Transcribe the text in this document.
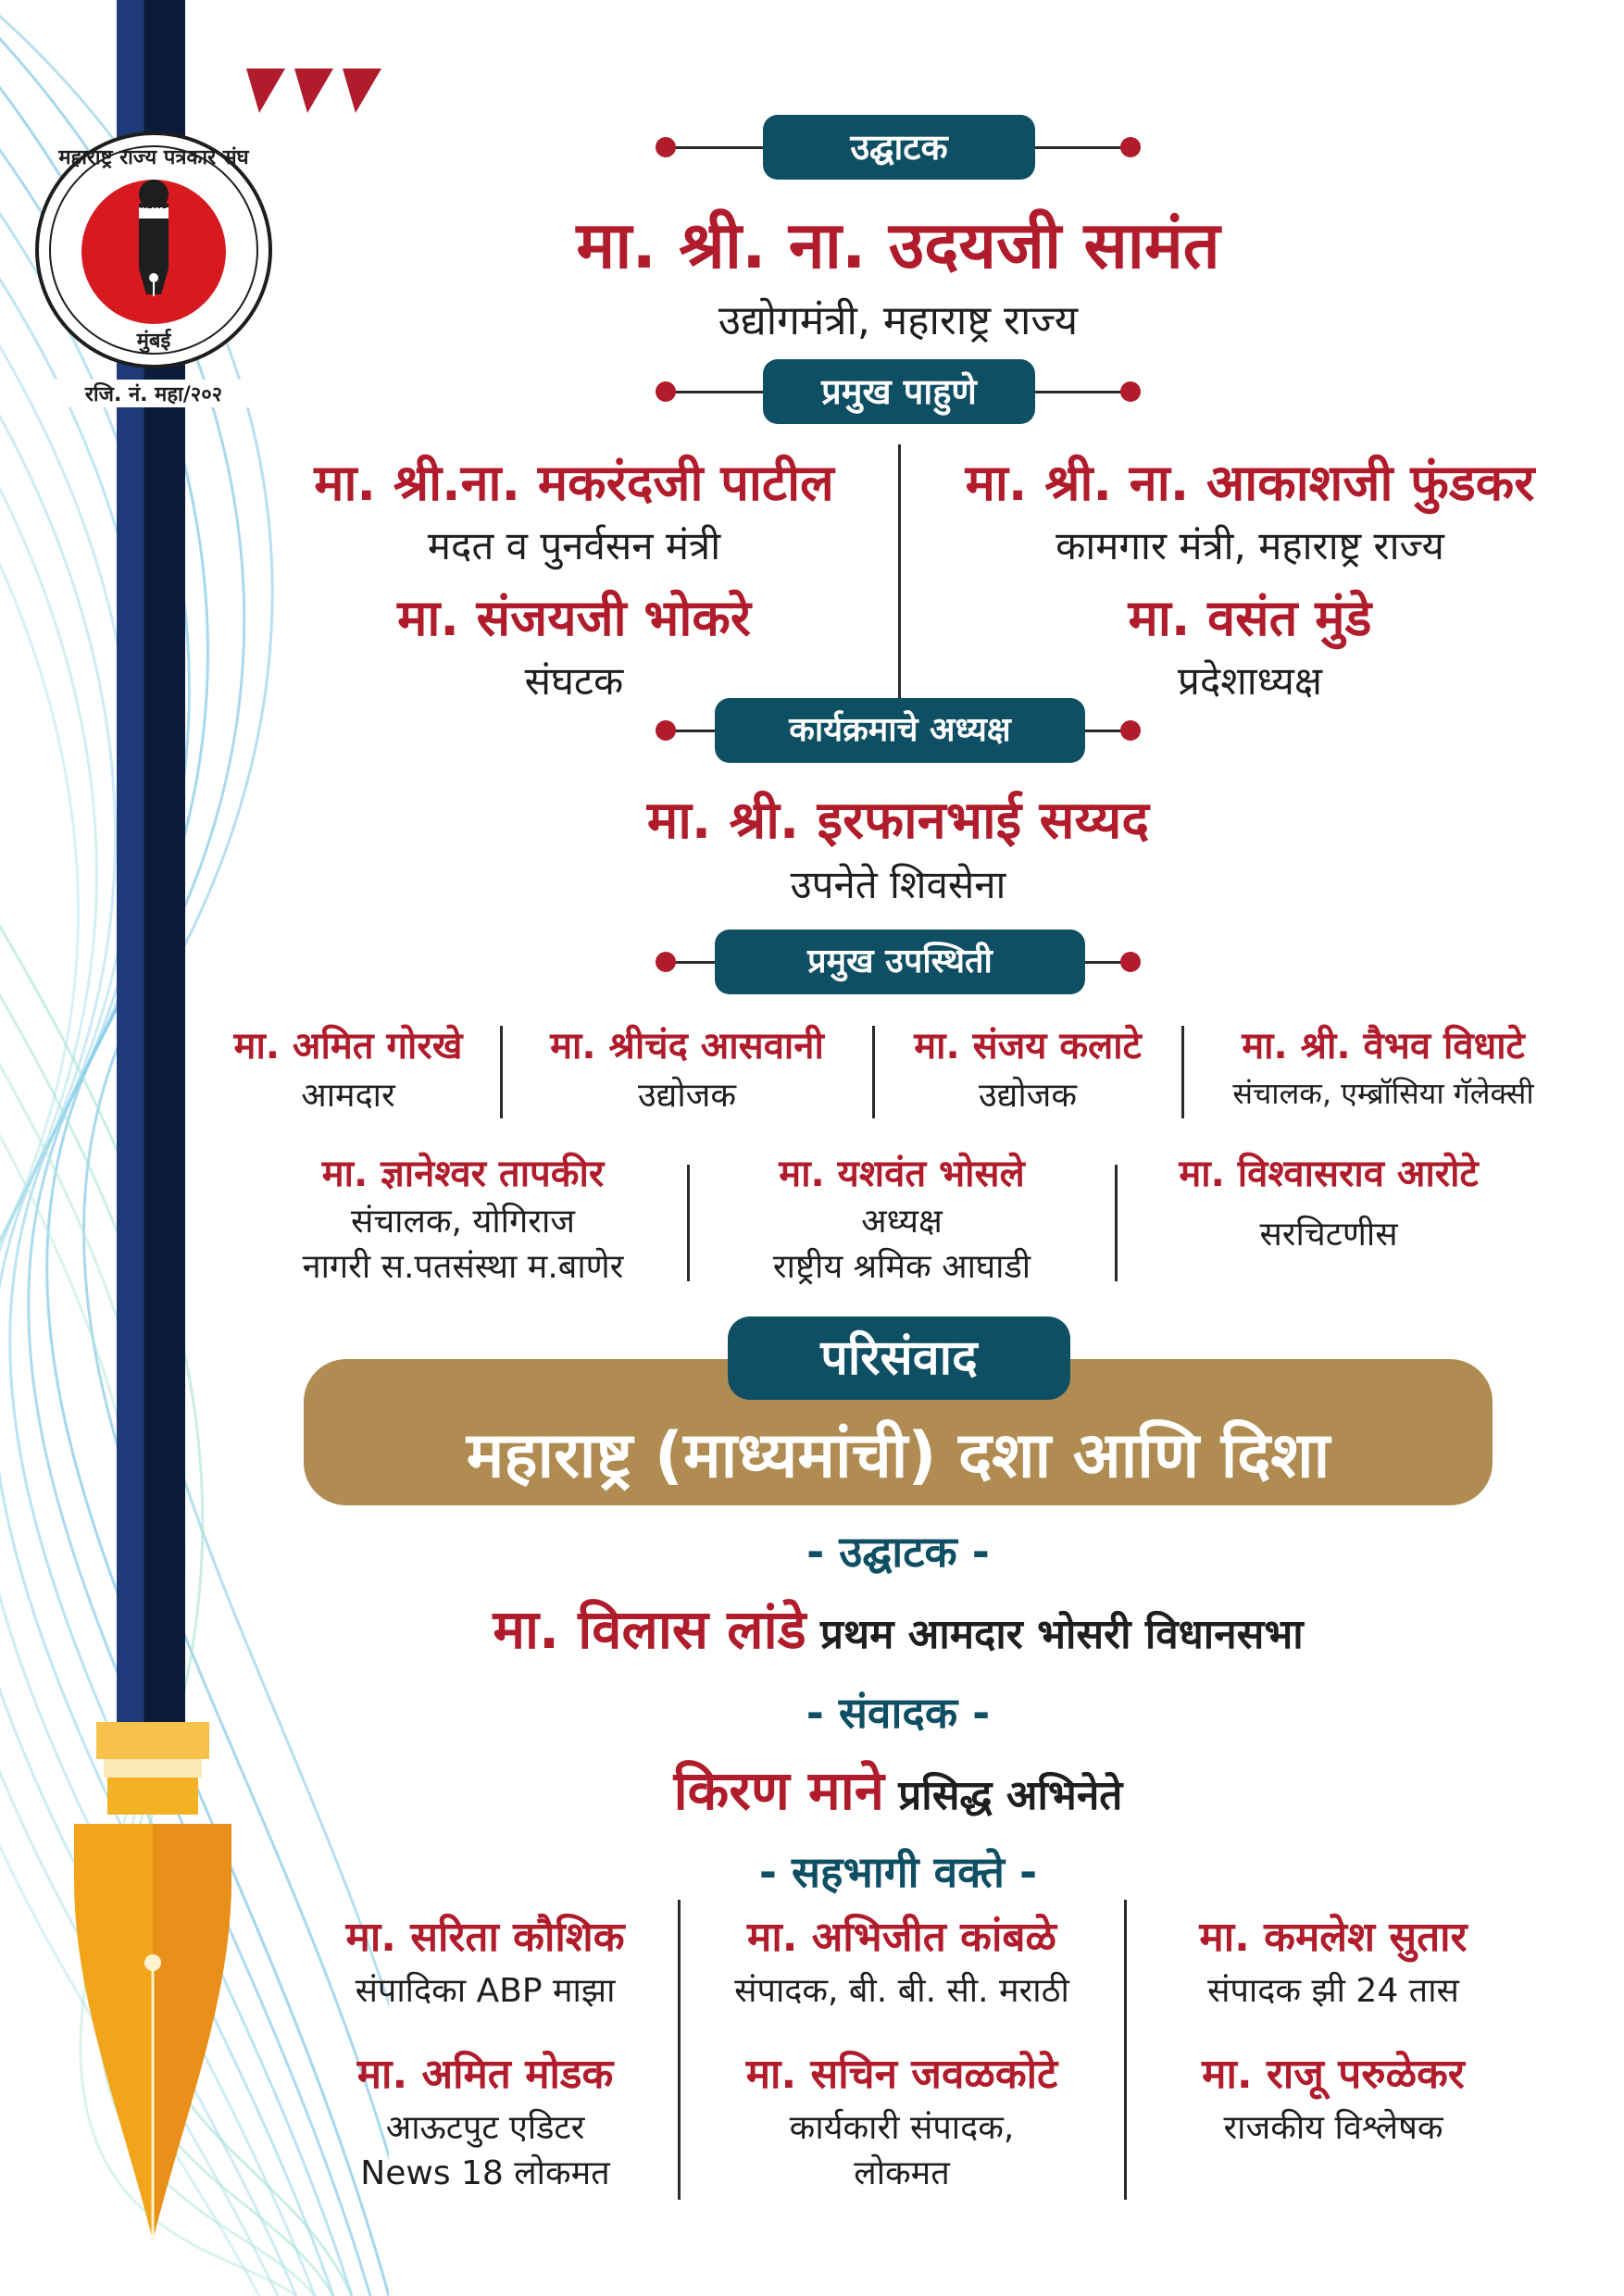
महाराष्ट्र राज्य पत्रकार संघ
NEWS
मुंबई
रजि. नं. महा/२०२
उद्घाटक
मा. श्री. ना. उदयजी सामंत
उद्योगमंत्री, महाराष्ट्र राज्य
प्रमुख पाहुणे
मा. श्री.ना. मकरंदजी पाटील
मदत व पुनर्वसन मंत्री
मा. संजयजी भोकरे
संघटक
मा. श्री. ना. आकाशजी फुंडकर
कामगार मंत्री, महाराष्ट्र राज्य
मा. वसंत मुंडे
प्रदेशाध्यक्ष
कार्यक्रमाचे अध्यक्ष
मा. श्री. इरफानभाई सय्यद
उपनेते शिवसेना
प्रमुख उपस्थिती
मा. अमित गोरखे
आमदार
मा. श्रीचंद आसवानी
उद्योजक
मा. संजय कलाटे
उद्योजक
मा. श्री. वैभव विधाटे
संचालक, एम्ब्रॉसिया गॅलेक्सी
मा. ज्ञानेश्वर तापकीर
संचालक, योगिराज
नागरी स.पतसंस्था म.बाणेर
मा. यशवंत भोसले
अध्यक्ष
राष्ट्रीय श्रमिक आघाडी
मा. विश्वासराव आरोटे
सरचिटणीस
परिसंवाद
महाराष्ट्र (माध्यमांची) दशा आणि दिशा
- उद्घाटक -
मा. विलास लांडे प्रथम आमदार भोसरी विधानसभा
- संवादक -
किरण माने प्रसिद्ध अभिनेते
- सहभागी वक्ते -
मा. सरिता कौशिक
संपादिका ABP माझा
मा. अभिजीत कांबळे
संपादक, बी. बी. सी. मराठी
मा. कमलेश सुतार
संपादक झी 24 तास
मा. अमित मोडक
आऊटपुट एडिटर
News 18 लोकमत
मा. सचिन जवळकोटे
कार्यकारी संपादक,
लोकमत
मा. राजू परुळेकर
राजकीय विश्लेषक
